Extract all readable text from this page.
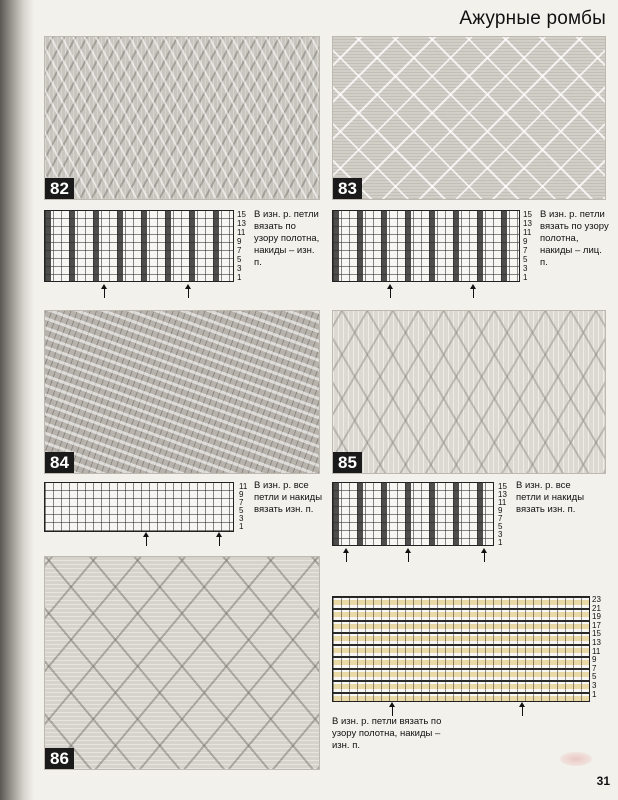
Ажурные ромбы
82
15
13
11
9
7
5
3
1
В изн. р. петли вязать по узору полотна, накиды – изн. п.
83
15
13
11
9
7
5
3
1
В изн. р. петли вязать по узору полотна, накиды – лиц. п.
84
11
9
7
5
3
1
В изн. р. все петли и накиды вязать изн. п.
85
15
13
11
9
7
5
3
1
В изн. р. все петли и накиды вязать изн. п.
86
23
21
19
17
15
13
11
9
7
5
3
1
В изн. р. петли вязать по узору полотна, накиды – изн. п.
31
